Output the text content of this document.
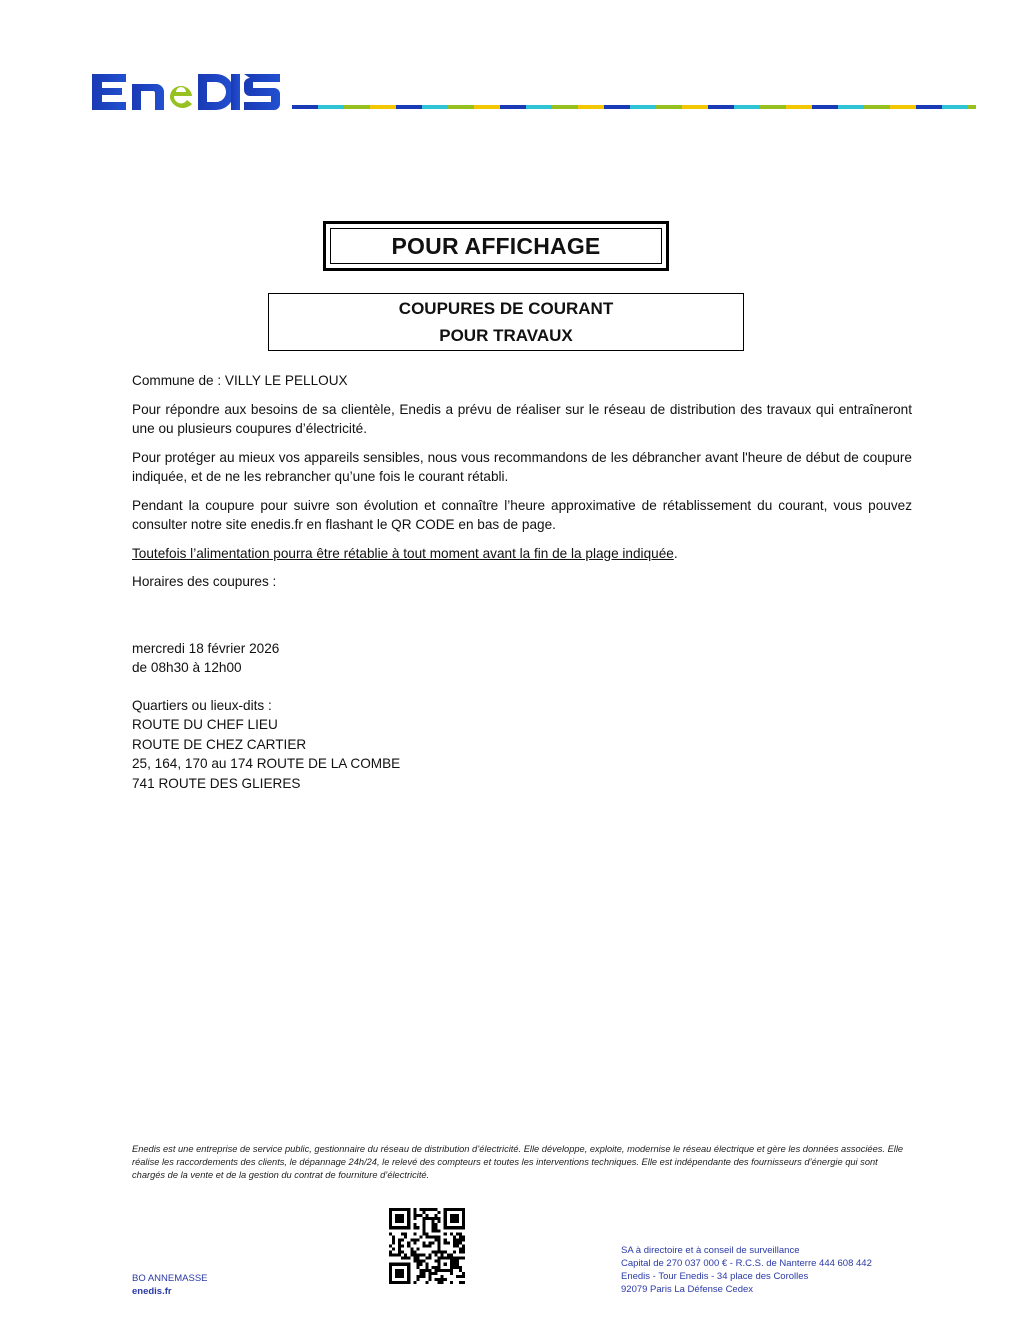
POUR AFFICHAGE
COUPURES DE COURANT
POUR TRAVAUX

Commune de : VILLY LE PELLOUX

Pour répondre aux besoins de sa clientèle, Enedis a prévu de réaliser sur le réseau de distribution des travaux qui entraîneront une ou plusieurs coupures d’électricité.

Pour protéger au mieux vos appareils sensibles, nous vous recommandons de les débrancher avant l'heure de début de coupure indiquée, et de ne les rebrancher qu’une fois le courant rétabli.

Pendant la coupure pour suivre son évolution et connaître l’heure approximative de rétablissement du courant, vous pouvez consulter notre site enedis.fr en flashant le QR CODE en bas de page.

Toutefois l’alimentation pourra être rétablie à tout moment avant la fin de la plage indiquée.

Horaires des coupures :

mercredi 18 février 2026
de 08h30 à 12h00
Quartiers ou lieux-dits :
ROUTE DU CHEF LIEU
ROUTE DE CHEZ CARTIER
25, 164, 170 au 174 ROUTE DE LA COMBE
741 ROUTE DES GLIERES
Enedis est une entreprise de service public, gestionnaire du réseau de distribution d’électricité. Elle développe, exploite, modernise le réseau électrique et gère les données associées. Elle réalise les raccordements des clients, le dépannage 24h/24, le relevé des compteurs et toutes les interventions techniques. Elle est indépendante des fournisseurs d’énergie qui sont chargés de la vente et de la gestion du contrat de fourniture d’électricité.
BO ANNEMASSE
enedis.fr
SA à directoire et à conseil de surveillance
Capital de 270 037 000 € - R.C.S. de Nanterre 444 608 442
Enedis - Tour Enedis - 34 place des Corolles
92079 Paris La Défense Cedex
